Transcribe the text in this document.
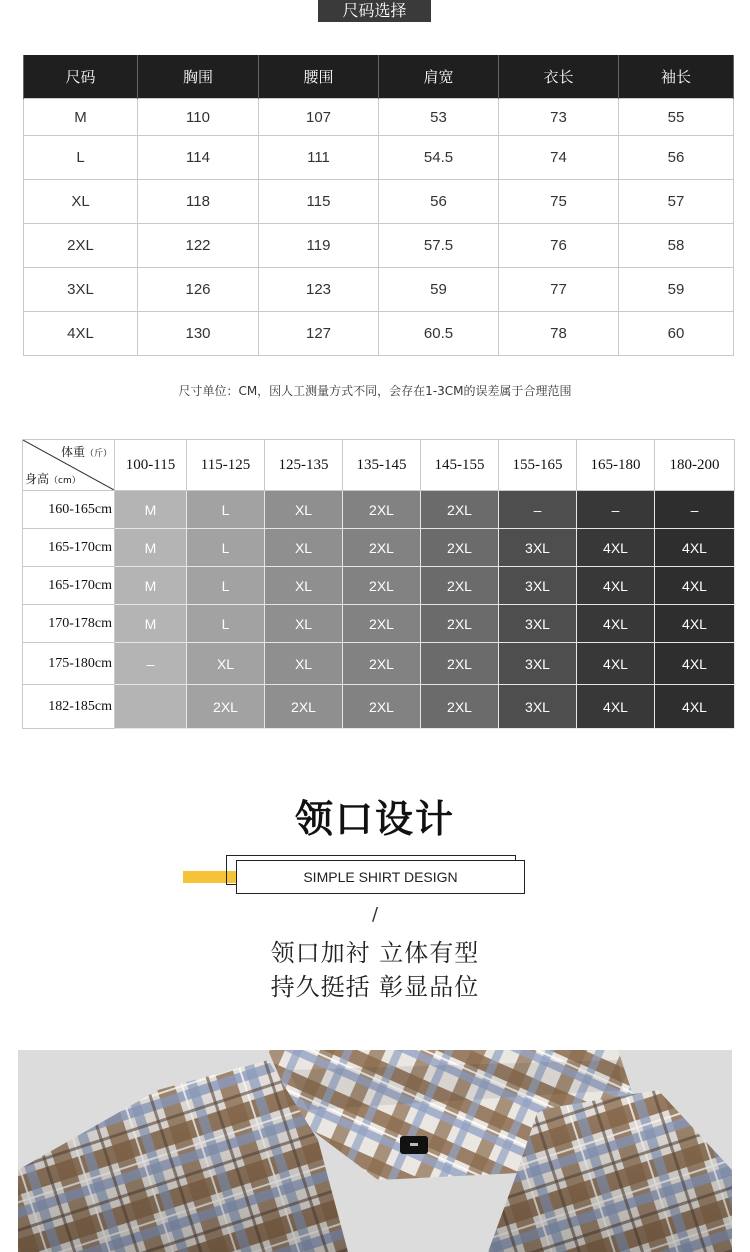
尺码选择
尺码	胸围	腰围	肩宽	衣长	袖长
M	110	107	53	73	55
L	114	111	54.5	74	56
XL	118	115	56	75	57
2XL	122	119	57.5	76	58
3XL	126	123	59	77	59
4XL	130	127	60.5	78	60
尺寸单位：CM，因人工测量方式不同，会存在1-3CM的误差属于合理范围
体重（斤）
身高（cm）	100-115	115-125	125-135	135-145	145-155	155-165	165-180	180-200
160-165cm	M	L	XL	2XL	2XL	–	–	–
165-170cm	M	L	XL	2XL	2XL	3XL	4XL	4XL
165-170cm	M	L	XL	2XL	2XL	3XL	4XL	4XL
170-178cm	M	L	XL	2XL	2XL	3XL	4XL	4XL
175-180cm	–	XL	XL	2XL	2XL	3XL	4XL	4XL
182-185cm		2XL	2XL	2XL	2XL	3XL	4XL	4XL
领口设计
SIMPLE SHIRT DESIGN
/
领口加衬 立体有型
持久挺括 彰显品位
